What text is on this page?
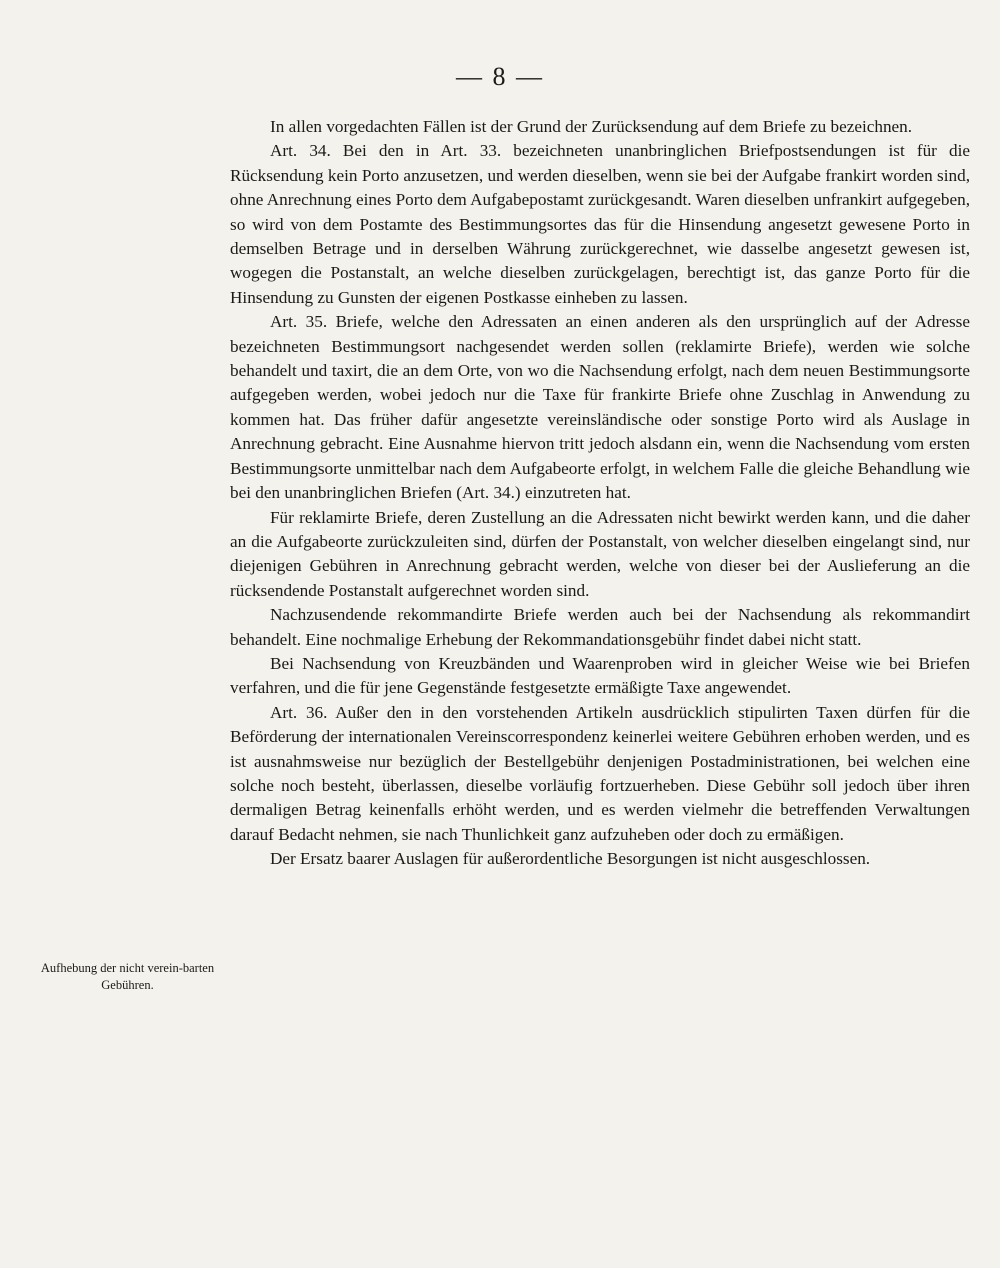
— 8 —
Aufhebung der nicht verein-barten Gebühren.

In allen vorgedachten Fällen ist der Grund der Zurücksendung auf dem Briefe zu bezeichnen.

Art. 34. Bei den in Art. 33. bezeichneten unanbringlichen Briefpostsendungen ist für die Rücksendung kein Porto anzusetzen, und werden dieselben, wenn sie bei der Aufgabe frankirt worden sind, ohne Anrechnung eines Porto dem Aufgabepostamt zurückgesandt. Waren dieselben unfrankirt aufgegeben, so wird von dem Postamte des Bestimmungsortes das für die Hinsendung angesetzt gewesene Porto in demselben Betrage und in derselben Währung zurückgerechnet, wie dasselbe angesetzt gewesen ist, wogegen die Postanstalt, an welche dieselben zurückgelagen, berechtigt ist, das ganze Porto für die Hinsendung zu Gunsten der eigenen Postkasse einheben zu lassen.

Art. 35. Briefe, welche den Adressaten an einen anderen als den ursprünglich auf der Adresse bezeichneten Bestimmungsort nachgesendet werden sollen (reklamirte Briefe), werden wie solche behandelt und taxirt, die an dem Orte, von wo die Nachsendung erfolgt, nach dem neuen Bestimmungsorte aufgegeben werden, wobei jedoch nur die Taxe für frankirte Briefe ohne Zuschlag in Anwendung zu kommen hat. Das früher dafür angesetzte vereinsländische oder sonstige Porto wird als Auslage in Anrechnung gebracht. Eine Ausnahme hiervon tritt jedoch alsdann ein, wenn die Nachsendung vom ersten Bestimmungsorte unmittelbar nach dem Aufgabeorte erfolgt, in welchem Falle die gleiche Behandlung wie bei den unanbringlichen Briefen (Art. 34.) einzutreten hat.

Für reklamirte Briefe, deren Zustellung an die Adressaten nicht bewirkt werden kann, und die daher an die Aufgabeorte zurückzuleiten sind, dürfen der Postanstalt, von welcher dieselben eingelangt sind, nur diejenigen Gebühren in Anrechnung gebracht werden, welche von dieser bei der Auslieferung an die rücksendende Postanstalt aufgerechnet worden sind.

Nachzusendende rekommandirte Briefe werden auch bei der Nachsendung als rekommandirt behandelt. Eine nochmalige Erhebung der Rekommandationsgebühr findet dabei nicht statt.

Bei Nachsendung von Kreuzbänden und Waarenproben wird in gleicher Weise wie bei Briefen verfahren, und die für jene Gegenstände festgesetzte ermäßigte Taxe angewendet.

Art. 36. Außer den in den vorstehenden Artikeln ausdrücklich stipulirten Taxen dürfen für die Beförderung der internationalen Vereinscorrespondenz keinerlei weitere Gebühren erhoben werden, und es ist ausnahmsweise nur bezüglich der Bestellgebühr denjenigen Postadministrationen, bei welchen eine solche noch besteht, überlassen, dieselbe vorläufig fortzuerheben. Diese Gebühr soll jedoch über ihren dermaligen Betrag keinenfalls erhöht werden, und es werden vielmehr die betreffenden Verwaltungen darauf Bedacht nehmen, sie nach Thunlichkeit ganz aufzuheben oder doch zu ermäßigen.

Der Ersatz baarer Auslagen für außerordentliche Besorgungen ist nicht ausgeschlossen.
